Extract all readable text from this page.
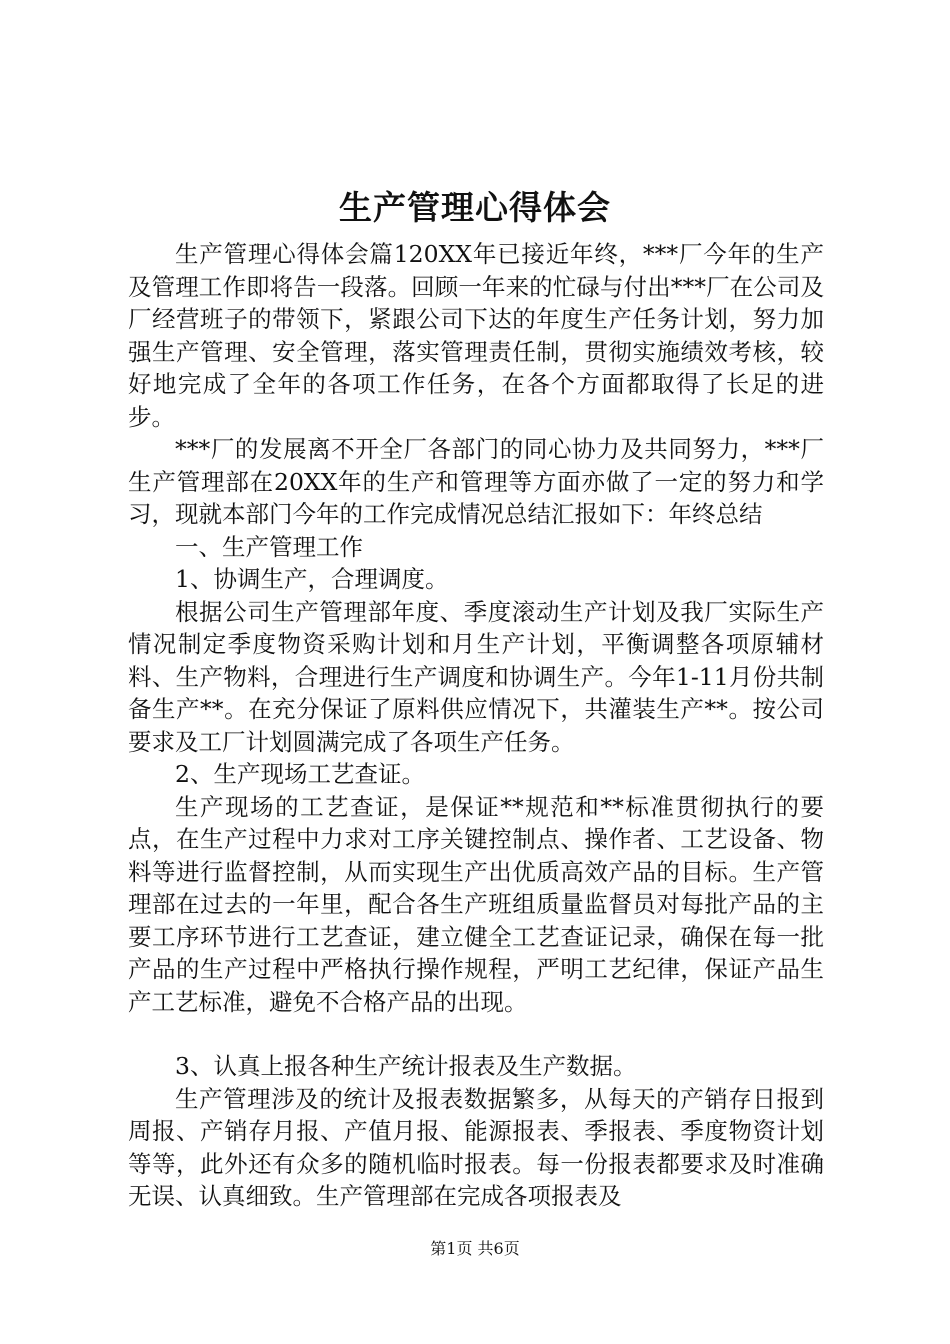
生产管理心得体会

生产管理心得体会篇120XX年已接近年终，***厂今年的生产及管理工作即将告一段落。回顾一年来的忙碌与付出***厂在公司及厂经营班子的带领下，紧跟公司下达的年度生产任务计划，努力加强生产管理、安全管理，落实管理责任制，贯彻实施绩效考核，较好地完成了全年的各项工作任务，在各个方面都取得了长足的进步。

***厂的发展离不开全厂各部门的同心协力及共同努力，***厂生产管理部在20XX年的生产和管理等方面亦做了一定的努力和学习，现就本部门今年的工作完成情况总结汇报如下：年终总结

一、生产管理工作

1、协调生产，合理调度。

根据公司生产管理部年度、季度滚动生产计划及我厂实际生产情况制定季度物资采购计划和月生产计划，平衡调整各项原辅材料、生产物料，合理进行生产调度和协调生产。今年1-11月份共制备生产**。在充分保证了原料供应情况下，共灌装生产**。按公司要求及工厂计划圆满完成了各项生产任务。

2、生产现场工艺查证。

生产现场的工艺查证，是保证**规范和**标准贯彻执行的要点，在生产过程中力求对工序关键控制点、操作者、工艺设备、物料等进行监督控制，从而实现生产出优质高效产品的目标。生产管理部在过去的一年里，配合各生产班组质量监督员对每批产品的主要工序环节进行工艺查证，建立健全工艺查证记录，确保在每一批产品的生产过程中严格执行操作规程，严明工艺纪律，保证产品生产工艺标准，避免不合格产品的出现。

3、认真上报各种生产统计报表及生产数据。

生产管理涉及的统计及报表数据繁多，从每天的产销存日报到周报、产销存月报、产值月报、能源报表、季报表、季度物资计划等等，此外还有众多的随机临时报表。每一份报表都要求及时准确无误、认真细致。生产管理部在完成各项报表及

第1页 共6页
